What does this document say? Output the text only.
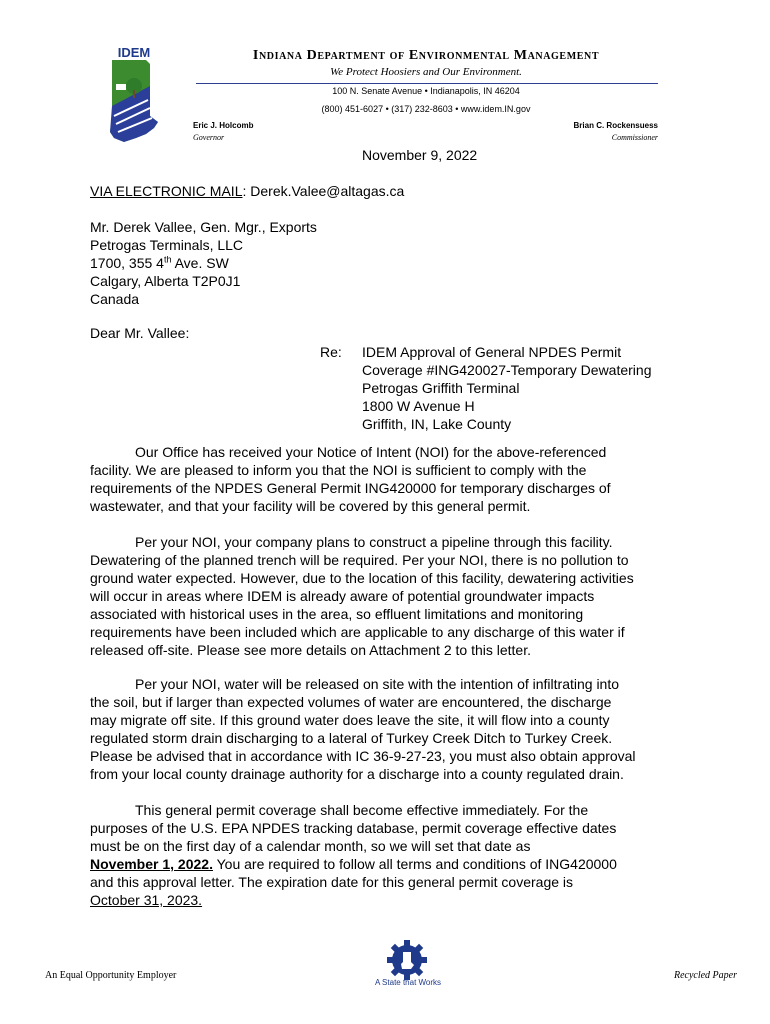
IDEM	Indiana Department of Environmental Management
We Protect Hoosiers and Our Environment.
100 N. Senate Avenue • Indianapolis, IN 46204
(800) 451-6027 • (317) 232-8603 • www.idem.IN.gov
Eric J. Holcomb
Governor
Brian C. Rockensuess
Commissioner
November 9, 2022
VIA ELECTRONIC MAIL: Derek.Valee@altagas.ca
Mr. Derek Vallee, Gen. Mgr., Exports
Petrogas Terminals, LLC
1700, 355 4th Ave. SW
Calgary, Alberta T2P0J1
Canada
Dear Mr. Vallee:
Re: IDEM Approval of General NPDES Permit
Coverage #ING420027-Temporary Dewatering
Petrogas Griffith Terminal
1800 W Avenue H
Griffith, IN, Lake County
Our Office has received your Notice of Intent (NOI) for the above-referenced
facility. We are pleased to inform you that the NOI is sufficient to comply with the
requirements of the NPDES General Permit ING420000 for temporary discharges of
wastewater, and that your facility will be covered by this general permit.
Per your NOI, your company plans to construct a pipeline through this facility.
Dewatering of the planned trench will be required. Per your NOI, there is no pollution to
ground water expected. However, due to the location of this facility, dewatering activities
will occur in areas where IDEM is already aware of potential groundwater impacts
associated with historical uses in the area, so effluent limitations and monitoring
requirements have been included which are applicable to any discharge of this water if
released off-site. Please see more details on Attachment 2 to this letter.
Per your NOI, water will be released on site with the intention of infiltrating into
the soil, but if larger than expected volumes of water are encountered, the discharge
may migrate off site. If this ground water does leave the site, it will flow into a county
regulated storm drain discharging to a lateral of Turkey Creek Ditch to Turkey Creek.
Please be advised that in accordance with IC 36-9-27-23, you must also obtain approval
from your local county drainage authority for a discharge into a county regulated drain.
This general permit coverage shall become effective immediately. For the
purposes of the U.S. EPA NPDES tracking database, permit coverage effective dates
must be on the first day of a calendar month, so we will set that date as
November 1, 2022. You are required to follow all terms and conditions of ING420000
and this approval letter. The expiration date for this general permit coverage is
October 31, 2023.
An Equal Opportunity Employer
A State that Works
Recycled Paper
